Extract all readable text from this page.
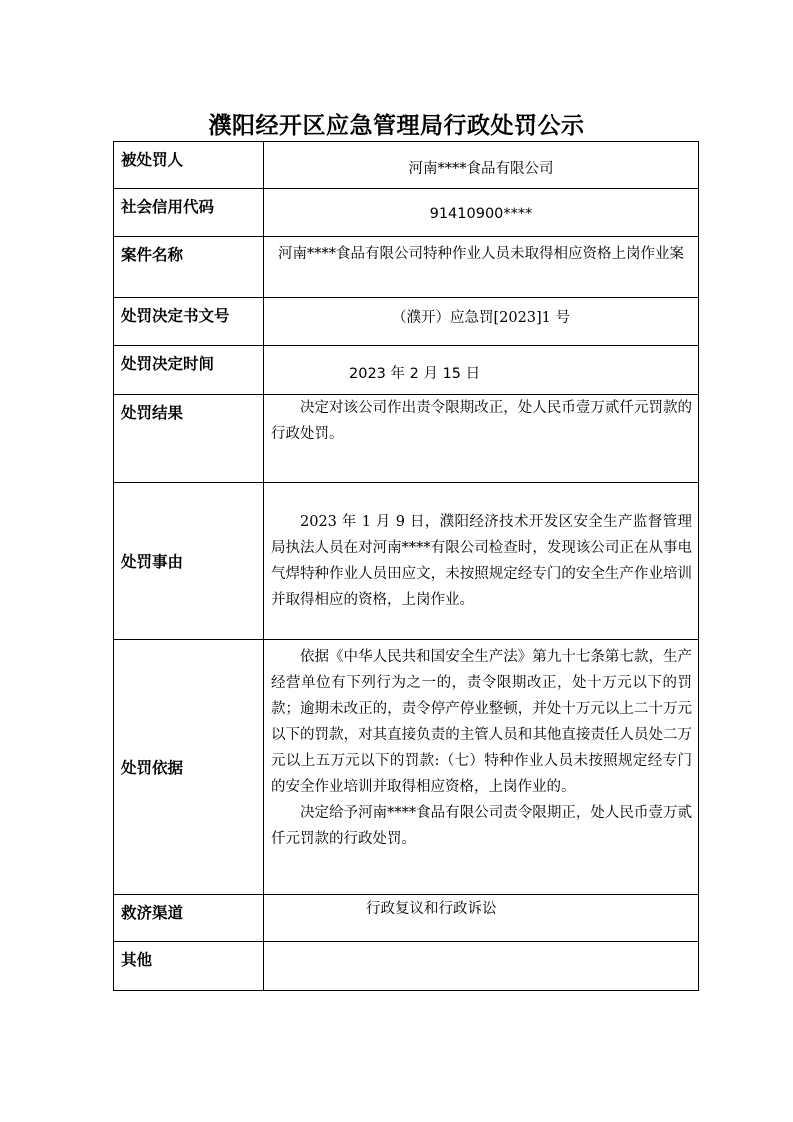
濮阳经开区应急管理局行政处罚公示
被处罚人	河南****食品有限公司
社会信用代码	91410900****
案件名称	河南****食品有限公司特种作业人员未取得相应资格上岗作业案
处罚决定书文号	（濮开）应急罚[2023]1 号
处罚决定时间	2023 年 2 月 15 日
处罚结果	决定对该公司作出责令限期改正，处人民币壹万贰仟元罚款的行政处罚。

处罚事由	2023 年 1 月 9 日，濮阳经济技术开发区安全生产监督管理局执法人员在对河南****有限公司检查时，发现该公司正在从事电气焊特种作业人员田应文，未按照规定经专门的安全生产作业培训并取得相应的资格，上岗作业。

处罚依据	依据《中华人民共和国安全生产法》第九十七条第七款，生产经营单位有下列行为之一的，责令限期改正，处十万元以下的罚款；逾期未改正的，责令停产停业整顿，并处十万元以上二十万元以下的罚款，对其直接负责的主管人员和其他直接责任人员处二万元以上五万元以下的罚款:（七）特种作业人员未按照规定经专门的安全作业培训并取得相应资格，上岗作业的。

决定给予河南****食品有限公司责令限期正，处人民币壹万贰仟元罚款的行政处罚。

救济渠道	行政复议和行政诉讼
其他	
